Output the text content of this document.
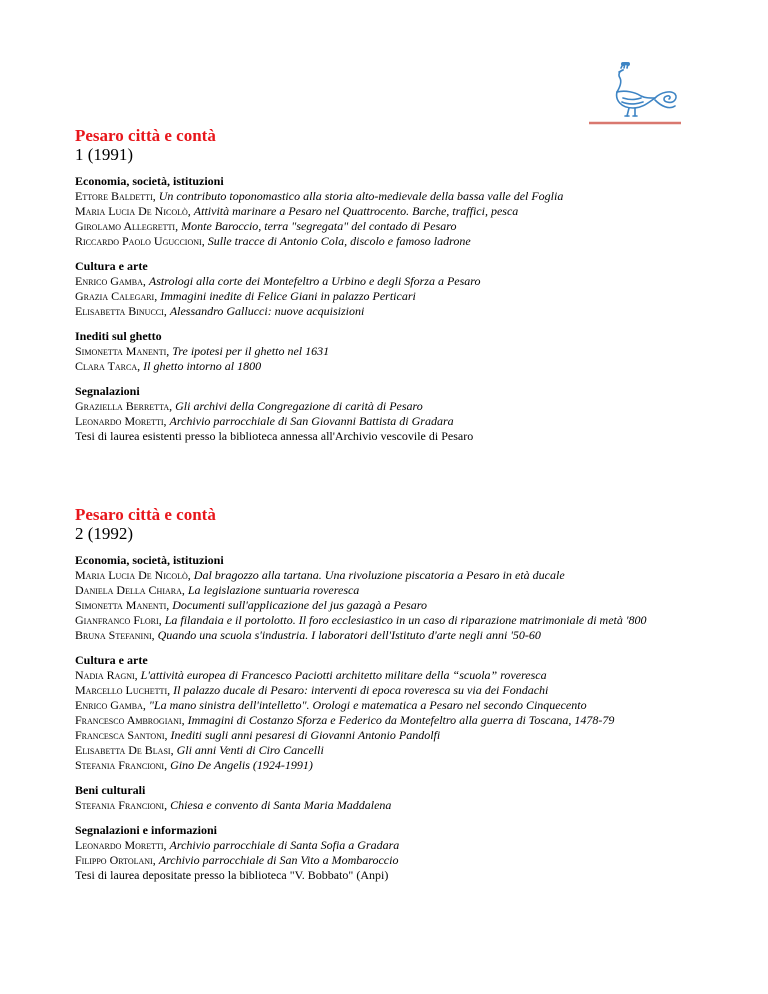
Pesaro città e contà
1 (1991)
Economia, società, istituzioni
Ettore Baldetti, Un contributo toponomastico alla storia alto-medievale della bassa valle del Foglia
Maria Lucia De Nicolò, Attività marinare a Pesaro nel Quattrocento. Barche, traffici, pesca
Girolamo Allegretti, Monte Baroccio, terra "segregata" del contado di Pesaro
Riccardo Paolo Uguccioni, Sulle tracce di Antonio Cola, discolo e famoso ladrone
Cultura e arte
Enrico Gamba, Astrologi alla corte dei Montefeltro a Urbino e degli Sforza a Pesaro
Grazia Calegari, Immagini inedite di Felice Giani in palazzo Perticari
Elisabetta Binucci, Alessandro Gallucci: nuove acquisizioni
Inediti sul ghetto
Simonetta Manenti, Tre ipotesi per il ghetto nel 1631
Clara Tarca, Il ghetto intorno al 1800
Segnalazioni
Graziella Berretta, Gli archivi della Congregazione di carità di Pesaro
Leonardo Moretti, Archivio parrocchiale di San Giovanni Battista di Gradara
Tesi di laurea esistenti presso la biblioteca annessa all'Archivio vescovile di Pesaro
Pesaro città e contà
2 (1992)
Economia, società, istituzioni
Maria Lucia De Nicolò, Dal bragozzo alla tartana. Una rivoluzione piscatoria a Pesaro in età ducale
Daniela Della Chiara, La legislazione suntuaria roveresca
Simonetta Manenti, Documenti sull'applicazione del jus gazagà a Pesaro
Gianfranco Flori, La filandaia e il portolotto. Il foro ecclesiastico in un caso di riparazione matrimoniale di metà '800
Bruna Stefanini, Quando una scuola s'industria. I laboratori dell'Istituto d'arte negli anni '50-60
Cultura e arte
Nadia Ragni, L'attività europea di Francesco Paciotti architetto militare della “scuola” roveresca
Marcello Luchetti, Il palazzo ducale di Pesaro: interventi di epoca roveresca su via dei Fondachi
Enrico Gamba, "La mano sinistra dell'intelletto". Orologi e matematica a Pesaro nel secondo Cinquecento
Francesco Ambrogiani, Immagini di Costanzo Sforza e Federico da Montefeltro alla guerra di Toscana, 1478-79
Francesca Santoni, Inediti sugli anni pesaresi di Giovanni Antonio Pandolfi
Elisabetta De Blasi, Gli anni Venti di Ciro Cancelli
Stefania Francioni, Gino De Angelis (1924-1991)
Beni culturali
Stefania Francioni, Chiesa e convento di Santa Maria Maddalena
Segnalazioni e informazioni
Leonardo Moretti, Archivio parrocchiale di Santa Sofia a Gradara
Filippo Ortolani, Archivio parrocchiale di San Vito a Mombaroccio
Tesi di laurea depositate presso la biblioteca "V. Bobbato" (Anpi)
